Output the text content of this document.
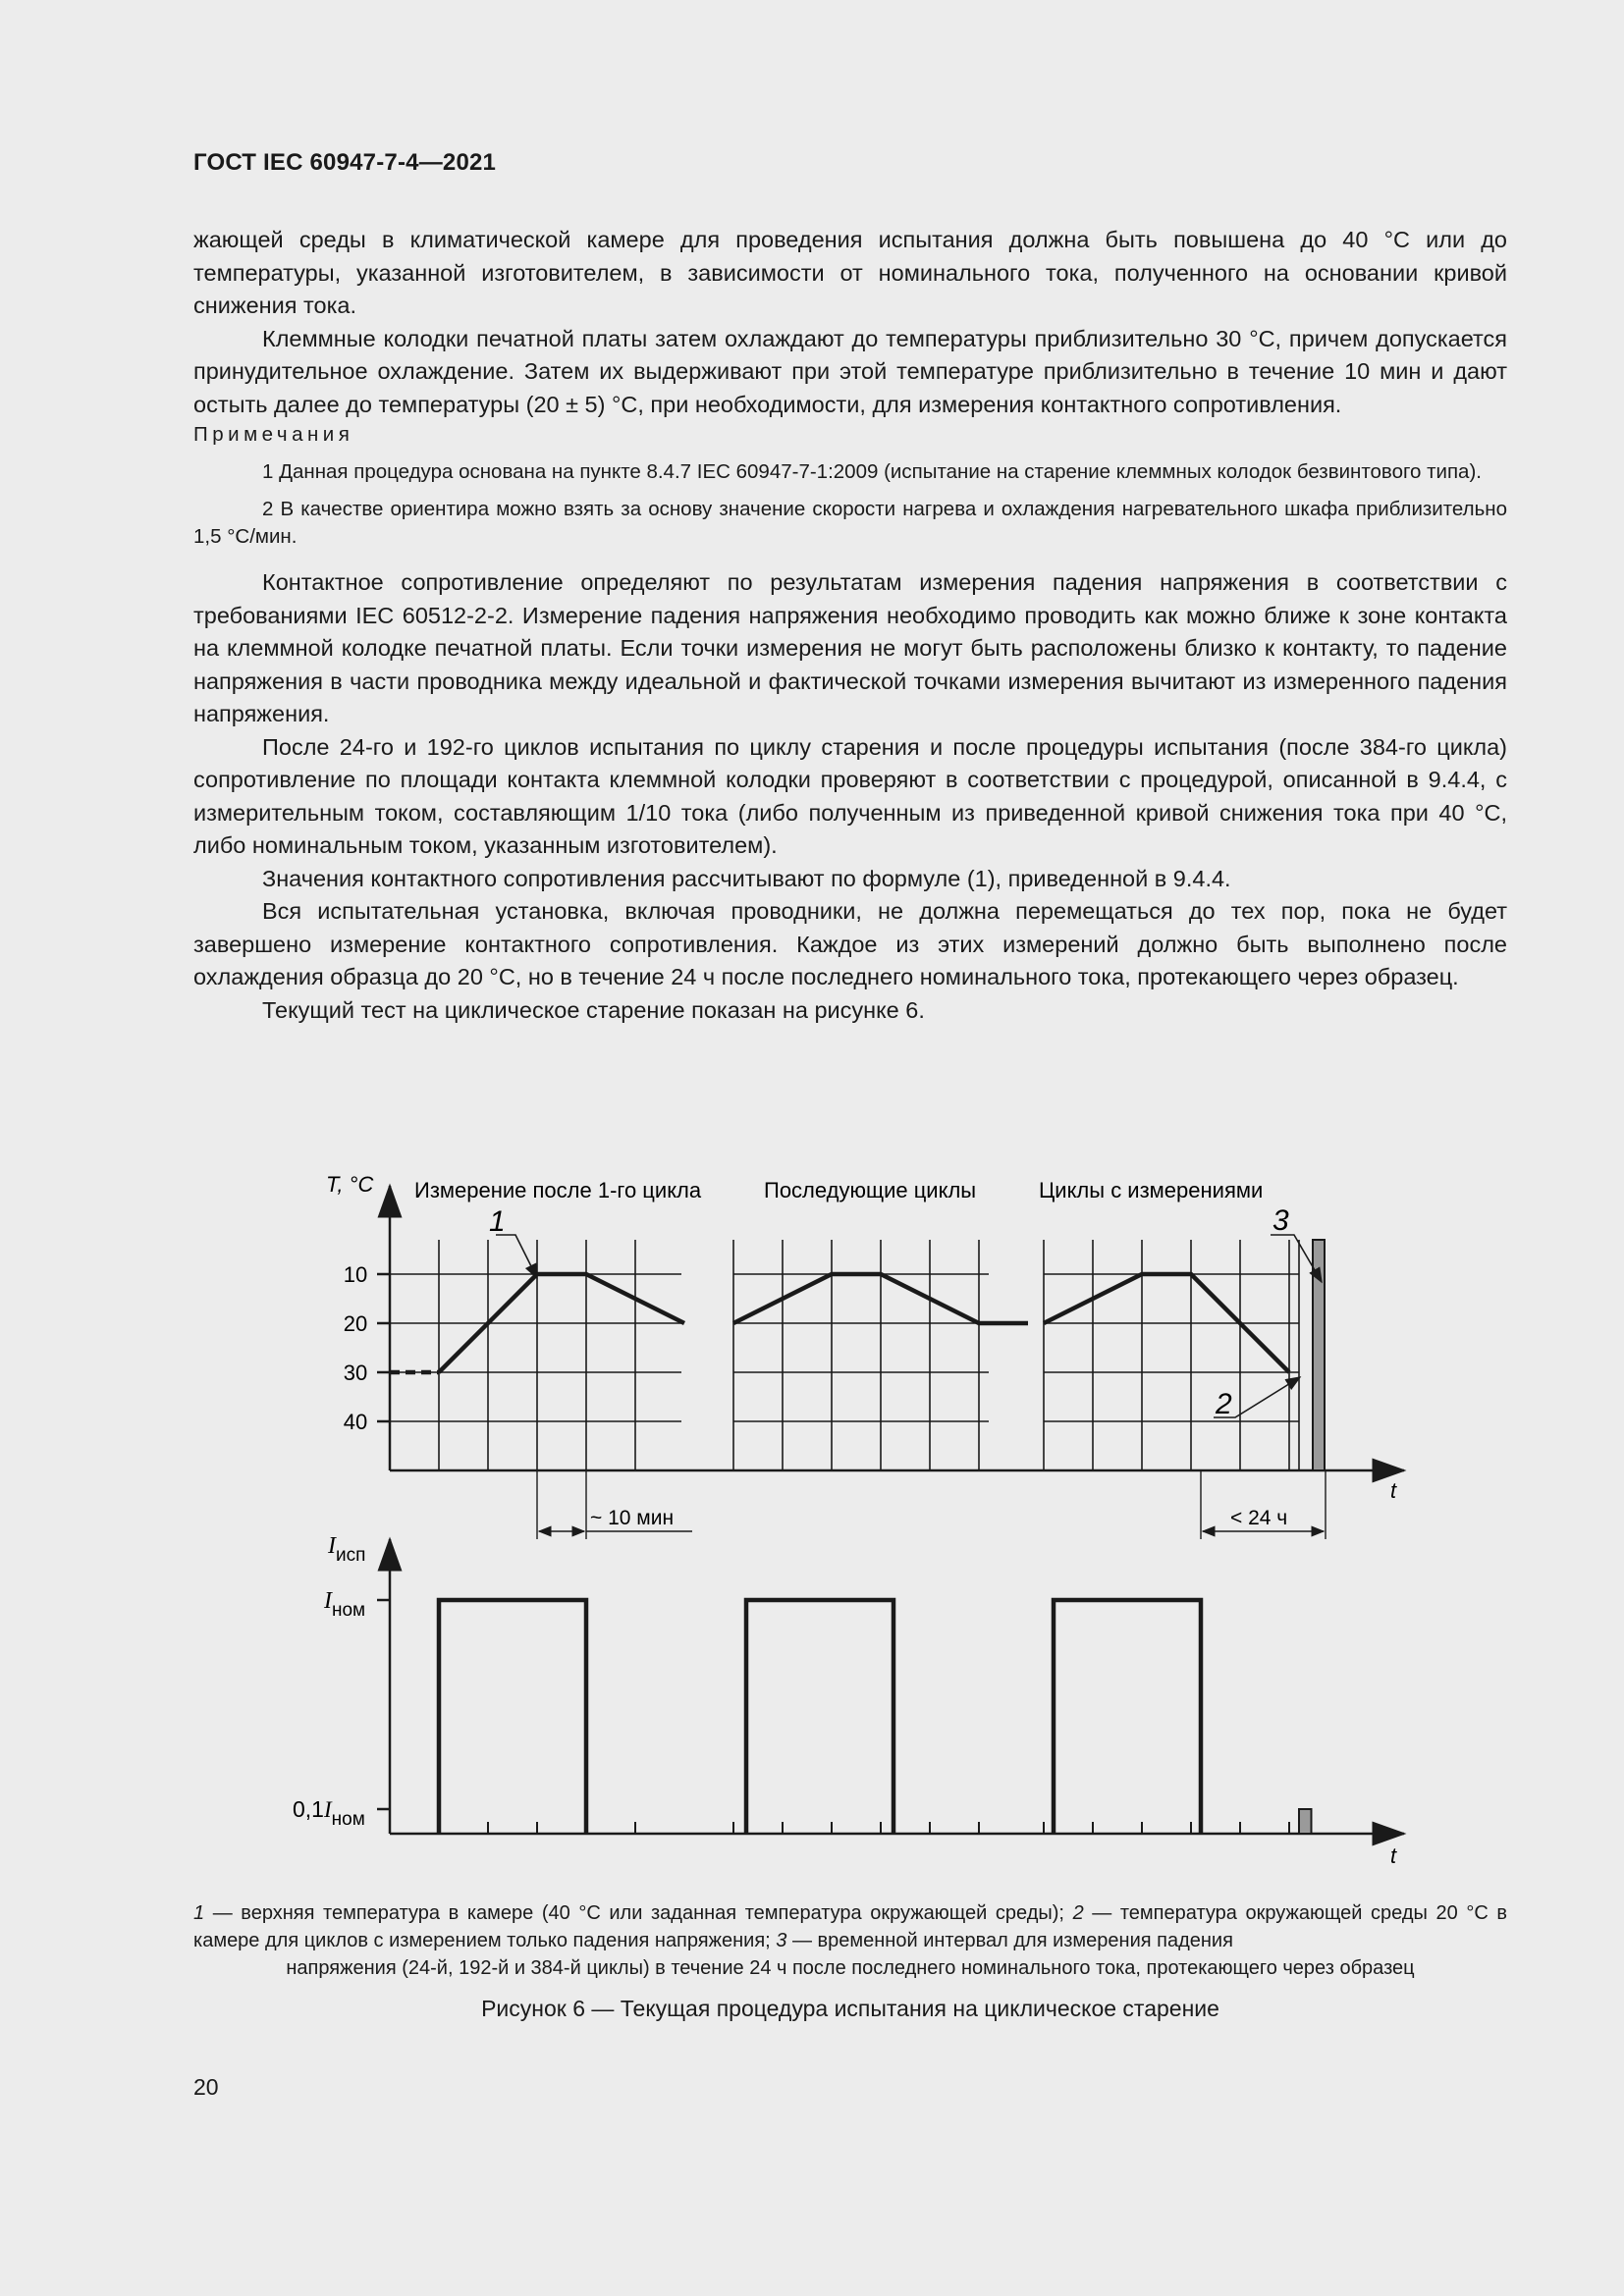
ГОСТ IEC 60947-7-4—2021

жающей среды в климатической камере для проведения испытания должна быть повышена до 40 °С или до температуры, указанной изготовителем, в зависимости от номинального тока, полученного на основании кривой снижения тока.

Клеммные колодки печатной платы затем охлаждают до температуры приблизительно 30 °С, причем допускается принудительное охлаждение. Затем их выдерживают при этой температуре приблизительно в течение 10 мин и дают остыть далее до температуры (20 ± 5) °С, при необходимости, для измерения контактного сопротивления.

Примечания

1 Данная процедура основана на пункте 8.4.7 IEC 60947-7-1:2009 (испытание на старение клеммных колодок безвинтового типа).

2 В качестве ориентира можно взять за основу значение скорости нагрева и охлаждения нагревательного шкафа приблизительно 1,5 °С/мин.

Контактное сопротивление определяют по результатам измерения падения напряжения в соответствии с требованиями IEC 60512-2-2. Измерение падения напряжения необходимо проводить как можно ближе к зоне контакта на клеммной колодке печатной платы. Если точки измерения не могут быть расположены близко к контакту, то падение напряжения в части проводника между идеальной и фактической точками измерения вычитают из измеренного падения напряжения.

После 24-го и 192-го циклов испытания по циклу старения и после процедуры испытания (после 384-го цикла) сопротивление по площади контакта клеммной колодки проверяют в соответствии с процедурой, описанной в 9.4.4, с измерительным током, составляющим 1/10 тока (либо полученным из приведенной кривой снижения тока при 40 °С, либо номинальным током, указанным изготовителем).

Значения контактного сопротивления рассчитывают по формуле (1), приведенной в 9.4.4.

Вся испытательная установка, включая проводники, не должна перемещаться до тех пор, пока не будет завершено измерение контактного сопротивления. Каждое из этих измерений должно быть выполнено после охлаждения образца до 20 °С, но в течение 24 ч после последнего номинального тока, протекающего через образец.

Текущий тест на циклическое старение показан на рисунке 6.

T, °С Измерение после 1-го цикла	Последующие циклы	Циклы с измерениями
40
30
20
10
1
2
3
t
~ 10 мин	< 24 ч
t
$I_{исп}$
$I_{ном}$
$0,1I_{ном}$
1 — верхняя температура в камере (40 °С или заданная температура окружающей среды); 2 — температура окружающей среды 20 °С в камере для циклов с измерением только падения напряжения; 3 — временной интервал для измерения падения
напряжения (24-й, 192-й и 384-й циклы) в течение 24 ч после последнего номинального тока, протекающего через образец
Рисунок 6 — Текущая процедура испытания на циклическое старение
20
